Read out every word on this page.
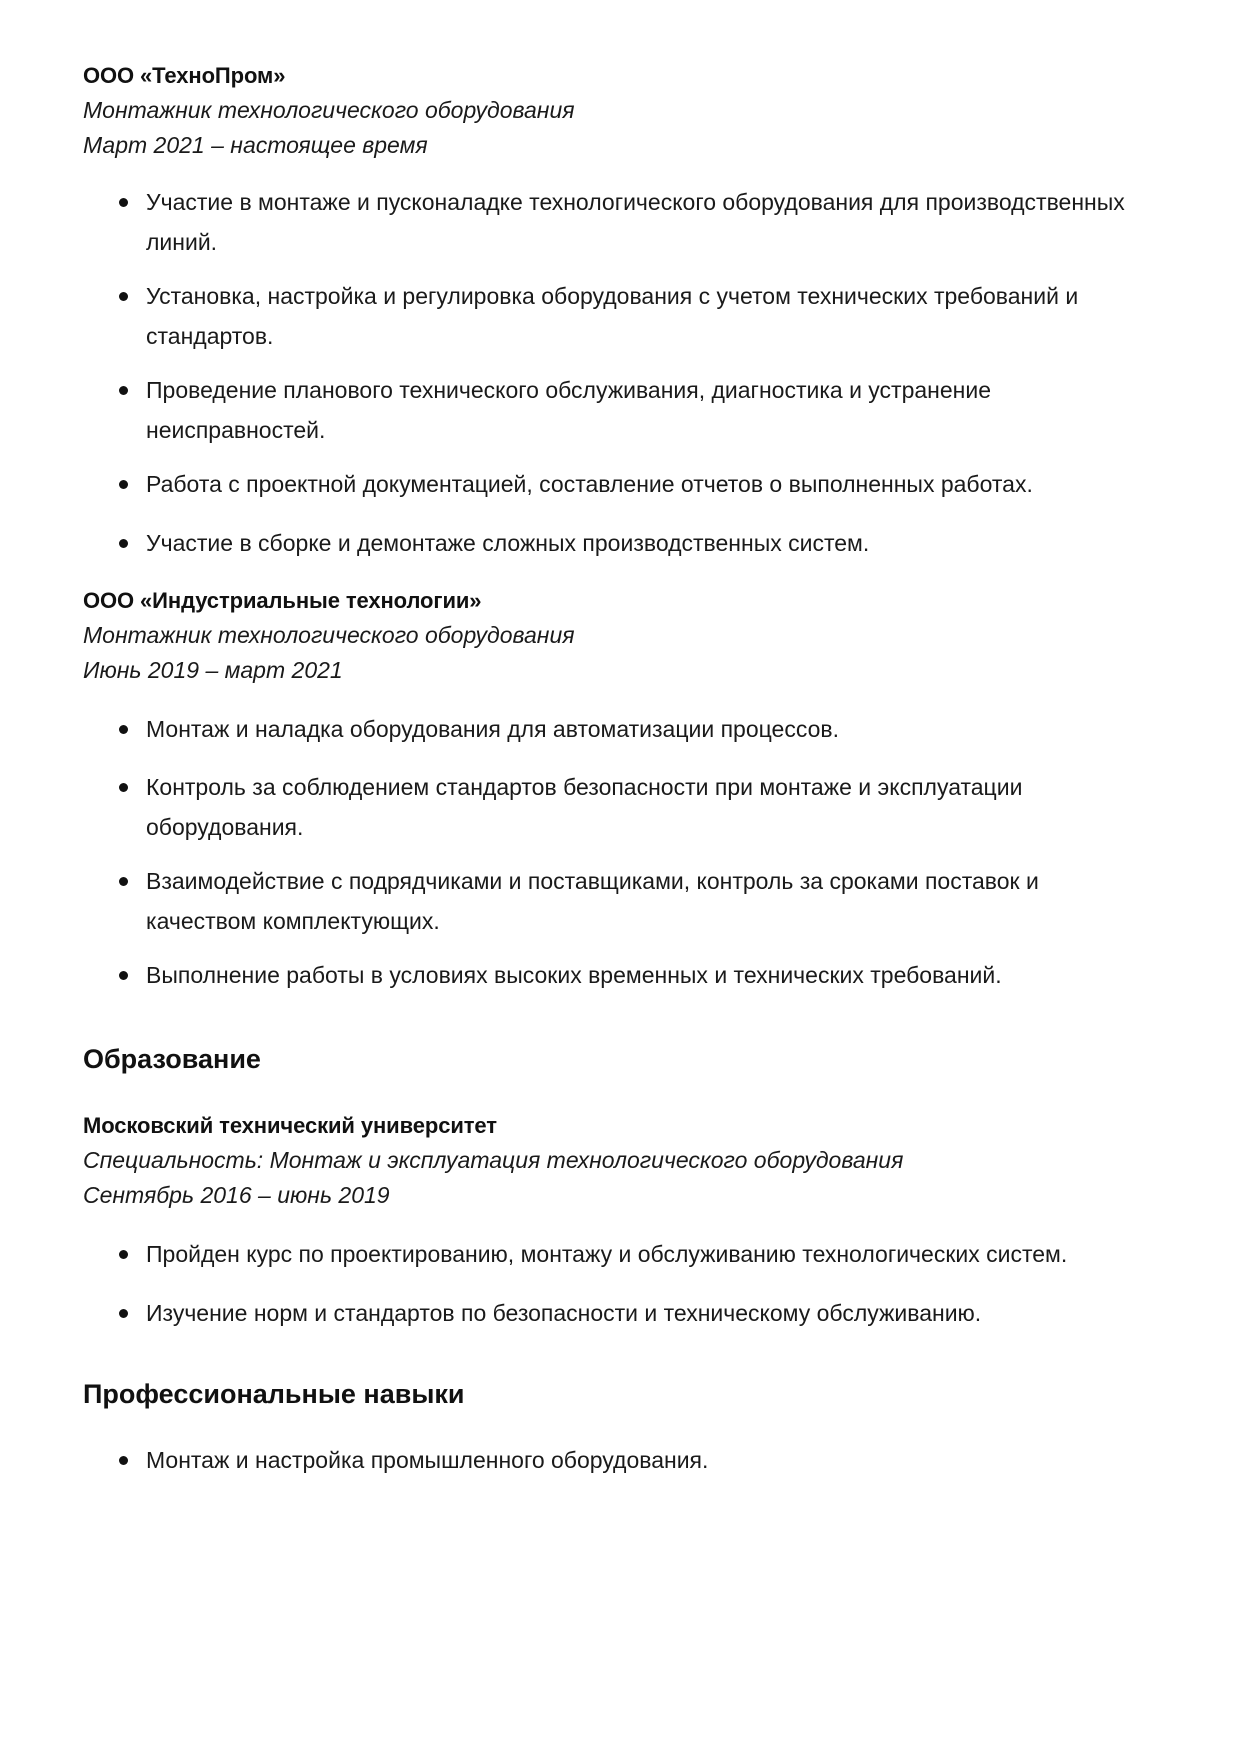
ООО «ТехноПром»

Монтажник технологического оборудования

Март 2021 – настоящее время

Участие в монтаже и пусконаладке технологического оборудования для производственных линий.
Установка, настройка и регулировка оборудования с учетом технических требований и стандартов.
Проведение планового технического обслуживания, диагностика и устранение неисправностей.
Работа с проектной документацией, составление отчетов о выполненных работах.
Участие в сборке и демонтаже сложных производственных систем.

ООО «Индустриальные технологии»

Монтажник технологического оборудования

Июнь 2019 – март 2021

Монтаж и наладка оборудования для автоматизации процессов.
Контроль за соблюдением стандартов безопасности при монтаже и эксплуатации оборудования.
Взаимодействие с подрядчиками и поставщиками, контроль за сроками поставок и качеством комплектующих.
Выполнение работы в условиях высоких временных и технических требований.
Образование

Московский технический университет

Специальность: Монтаж и эксплуатация технологического оборудования

Сентябрь 2016 – июнь 2019

Пройден курс по проектированию, монтажу и обслуживанию технологических систем.
Изучение норм и стандартов по безопасности и техническому обслуживанию.
Профессиональные навыки
Монтаж и настройка промышленного оборудования.
